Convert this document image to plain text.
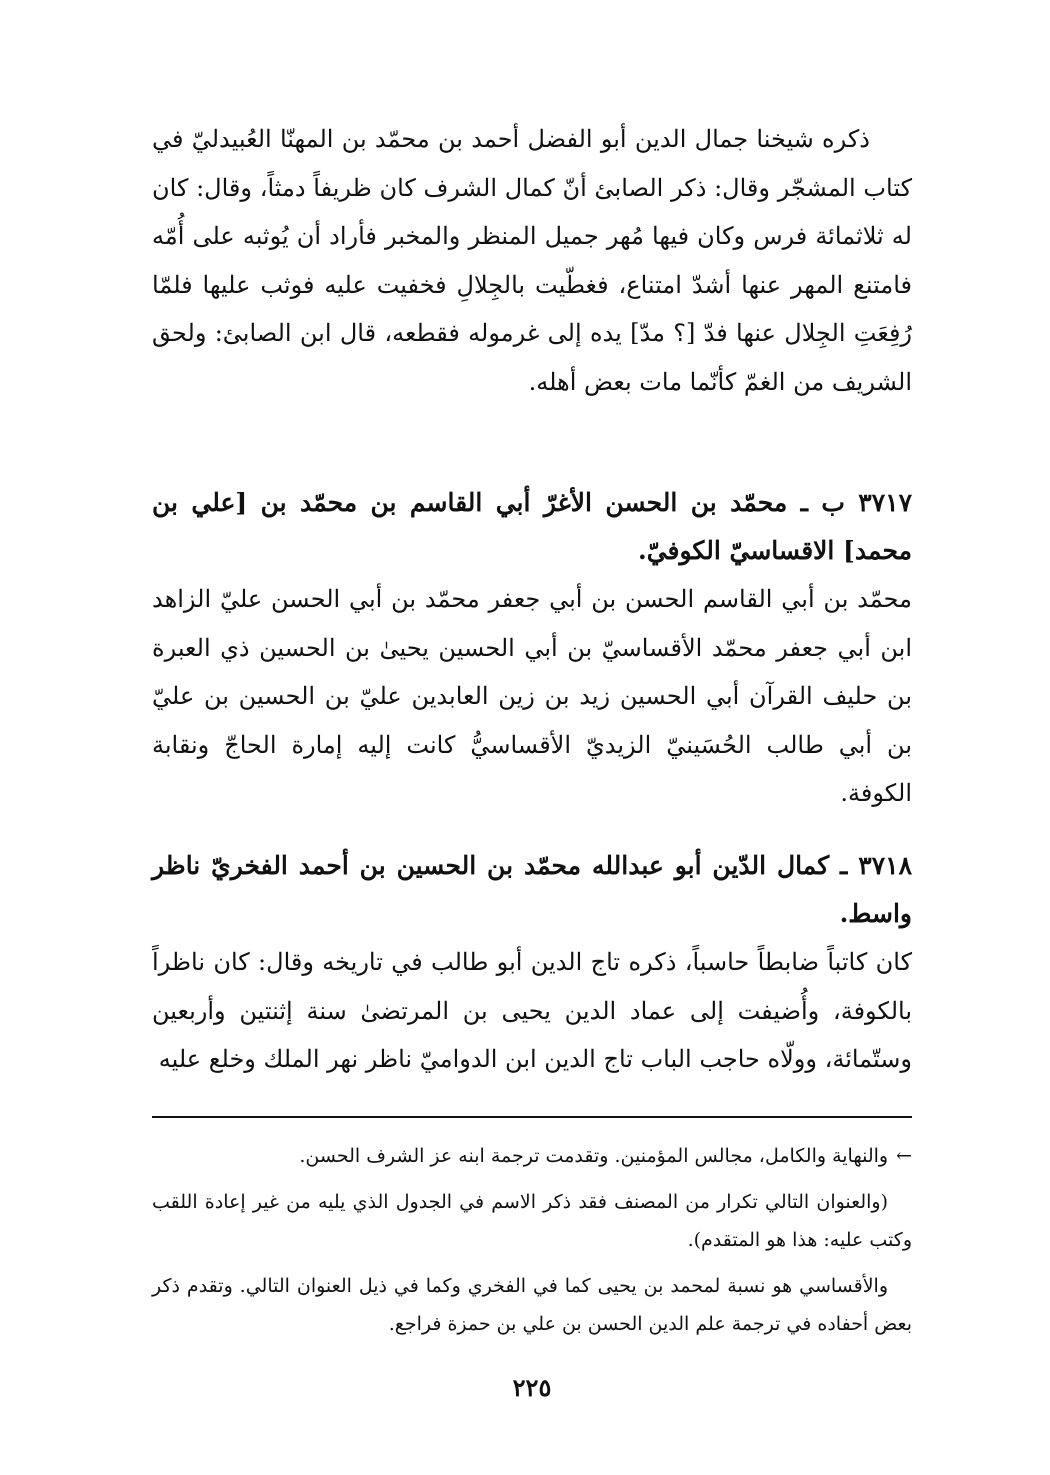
ذكره شيخنا جمال الدين أبو الفضل أحمد بن محمّد بن المهنّا العُبيدليّ في كتاب المشجّر وقال: ذكر الصابئ أنّ كمال الشرف كان ظريفاً دمثاً، وقال: كان له ثلاثمائة فرس وكان فيها مُهر جميل المنظر والمخبر فأراد أن يُوثبه على أُمّه فامتنع المهر عنها أشدّ امتناع، فغطّيت بالجِلالِ فخفيت عليه فوثب عليها فلمّا رُفِعَتِ الجِلال عنها فدّ [؟ مدّ] يده إلى غرموله فقطعه، قال ابن الصابئ: ولحق الشريف من الغمّ كأنّما مات بعض أهله.

٣٧١٧ ب ـ محمّد بن الحسن الأغرّ أبي القاسم بن محمّد بن [علي بن محمد] الاقساسيّ الكوفيّ.

محمّد بن أبي القاسم الحسن بن أبي جعفر محمّد بن أبي الحسن عليّ الزاهد ابن أبي جعفر محمّد الأقساسيّ بن أبي الحسين يحيىٰ بن الحسين ذي العبرة بن حليف القرآن أبي الحسين زيد بن زين العابدين عليّ بن الحسين بن عليّ بن أبي طالب الحُسَينيّ الزيديّ الأقساسيُّ كانت إليه إمارة الحاجّ ونقابة الكوفة.

٣٧١٨ ـ كمال الدّين أبو عبدالله محمّد بن الحسين بن أحمد الفخريّ ناظر واسط.

كان كاتباً ضابطاً حاسباً، ذكره تاج الدين أبو طالب في تاريخه وقال: كان ناظراً بالكوفة، وأُضيفت إلى عماد الدين يحيى بن المرتضىٰ سنة إثنتين وأربعين وستّمائة، وولّاه حاجب الباب تاج الدين ابن الدواميّ ناظر نهر الملك وخلع عليه

←والنهاية والكامل، مجالس المؤمنين. وتقدمت ترجمة ابنه عز الشرف الحسن.

(والعنوان التالي تكرار من المصنف فقد ذكر الاسم في الجدول الذي يليه من غير إعادة اللقب وكتب عليه: هذا هو المتقدم).

والأقساسي هو نسبة لمحمد بن يحيى كما في الفخري وكما في ذيل العنوان التالي. وتقدم ذكر بعض أحفاده في ترجمة علم الدين الحسن بن علي بن حمزة فراجع.

٢٢٥
